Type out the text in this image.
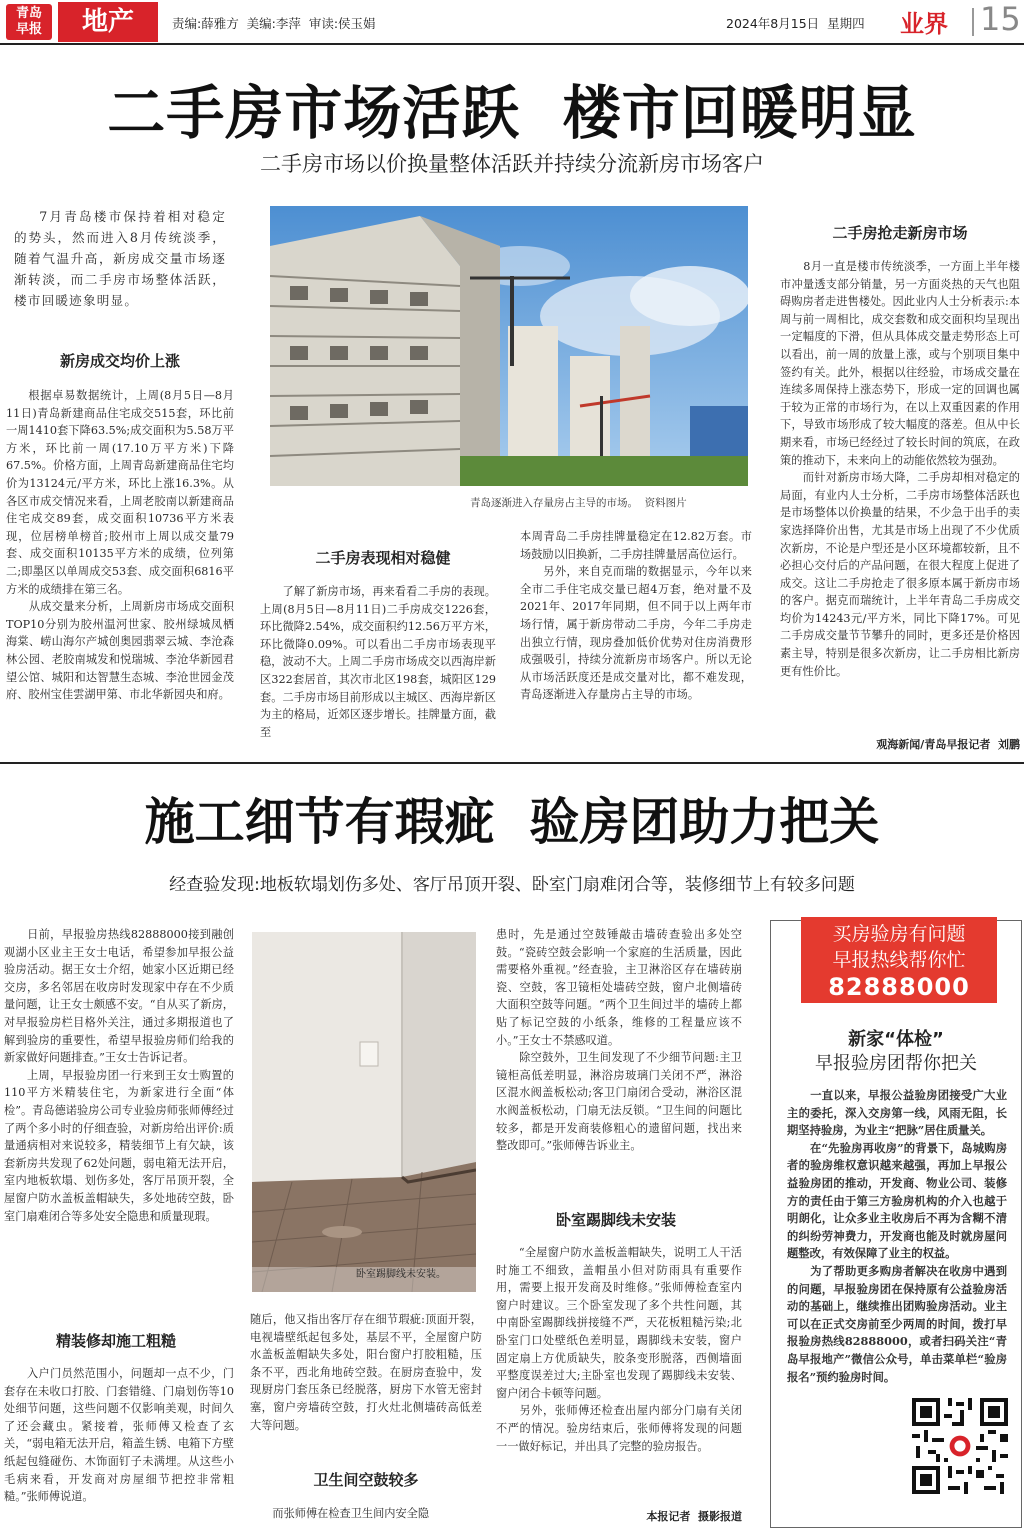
青岛
早报	地产	责编:薛雅方  美编:李萍  审读:侯玉娟	2024年8月15日  星期四 业界 15
二手房市场活跃  楼市回暖明显
二手房市场以价换量整体活跃并持续分流新房市场客户
7月青岛楼市保持着相对稳定的势头，然而进入8月传统淡季，随着气温升高，新房成交量市场逐渐转淡，而二手房市场整体活跃，楼市回暖迹象明显。
新房成交均价上涨
根据卓易数据统计，上周(8月5日—8月11日)青岛新建商品住宅成交515套，环比前一周1410套下降63.5%;成交面积为5.58万平方米，环比前一周(17.10万平方米)下降67.5%。价格方面，上周青岛新建商品住宅均价为13124元/平方米，环比上涨16.3%。从各区市成交情况来看，上周老胶南以新建商品住宅成交89套，成交面积10736平方米表现，位居榜单榜首;胶州市上周以成交量79套、成交面积10135平方米的成绩，位列第二;即墨区以单周成交53套、成交面积6816平方米的成绩排在第三名。
　　从成交量来分析，上周新房市场成交面积TOP10分别为胶州温河世家、胶州绿城凤栖海棠、崂山海尔产城创奥园翡翠云城、李沧森林公园、老胶南城发和悦瑞城、李沧华新园君望公馆、城阳和达智慧生态城、李沧世园金茂府、胶州宝佳雲湖甲第、市北华新园央和府。
青岛逐渐进入存量房占主导的市场。  资料图片
二手房表现相对稳健
　　了解了新房市场，再来看看二手房的表现。上周(8月5日—8月11日)二手房成交1226套，环比微降2.54%，成交面积约12.56万平方米，环比微降0.09%。可以看出二手房市场表现平稳，波动不大。上周二手房市场成交以西海岸新区322套居首，其次市北区198套，城阳区129套。二手房市场目前形成以主城区、西海岸新区为主的格局，近郊区逐步增长。挂牌量方面，截至
本周青岛二手房挂牌量稳定在12.82万套。市场鼓励以旧换新，二手房挂牌量居高位运行。
　　另外，来自克而瑞的数据显示，今年以来全市二手住宅成交量已超4万套，绝对量不及2021年、2017年同期，但不同于以上两年市场行情，属于新房带动二手房，今年二手房走出独立行情，现房叠加低价优势对住房消费形成强吸引，持续分流新房市场客户。所以无论从市场活跃度还是成交量对比，都不难发现，青岛逐渐进入存量房占主导的市场。
二手房抢走新房市场
　　8月一直是楼市传统淡季，一方面上半年楼市冲量透支部分销量，另一方面炎热的天气也阻碍购房者走进售楼处。因此业内人士分析表示:本周与前一周相比，成交套数和成交面积均呈现出一定幅度的下滑，但从具体成交量走势形态上可以看出，前一周的放量上涨，或与个别项目集中签约有关。此外，根据以往经验，市场成交量在连续多周保持上涨态势下，形成一定的回调也属于较为正常的市场行为，在以上双重因素的作用下，导致市场形成了较大幅度的落差。但从中长期来看，市场已经经过了较长时间的筑底，在政策的推动下，未来向上的动能依然较为强劲。
　　而针对新房市场大降，二手房却相对稳定的局面，有业内人士分析，二手房市场整体活跃也是市场整体以价换量的结果，不少急于出手的卖家选择降价出售，尤其是市场上出现了不少优质次新房，不论是户型还是小区环境都较新，且不必担心交付后的产品问题，在很大程度上促进了成交。这让二手房抢走了很多原本属于新房市场的客户。据克而瑞统计，上半年青岛二手房成交均价为14243元/平方米，同比下降17%。可见二手房成交量节节攀升的同时，更多还是价格因素主导，特别是很多次新房，让二手房相比新房更有性价比。
观海新闻/青岛早报记者  刘鹏
施工细节有瑕疵  验房团助力把关
经查验发现:地板软塌划伤多处、客厅吊顶开裂、卧室门扇难闭合等，装修细节上有较多问题
　　日前，早报验房热线82888000接到融创观湖小区业主王女士电话，希望参加早报公益验房活动。据王女士介绍，她家小区近期已经交房，多名邻居在收房时发现家中存在不少质量问题，让王女士颇感不安。“自从买了新房，对早报验房栏目格外关注，通过多期报道也了解到验房的重要性，希望早报验房师们给我的新家做好问题排查。”王女士告诉记者。
　　上周，早报验房团一行来到王女士购置的110平方米精装住宅，为新家进行全面“体检”。青岛德诺验房公司专业验房师张师傅经过了两个多小时的仔细查验，对新房给出评价:质量通病相对来说较多，精装细节上有欠缺，该套新房共发现了62处问题，弱电箱无法开启，室内地板软塌、划伤多处，客厅吊顶开裂，全屋窗户防水盖板盖帽缺失，多处地砖空鼓，卧室门扇难闭合等多处安全隐患和质量现瑕。
精装修却施工粗糙
　　入户门员然范围小，问题却一点不少，门套存在未收口打胶、门套错缝、门扇划伤等10处细节问题，这些问题不仅影响美观，时间久了还会藏虫。紧接着，张师傅又检查了玄关，“弱电箱无法开启，箱盖生锈、电箱下方壁纸起包缝碰伤、木饰面钉子未满埋。从这些小毛病来看，开发商对房屋细节把控非常粗糙。”张师傅说道。
卧室踢脚线未安装。
随后，他又指出客厅存在细节瑕疵:顶面开裂，电视墙壁纸起包多处，基层不平，全屋窗户防水盖板盖帽缺失多处，阳台窗户打胶粗糙，压条不平，西北角地砖空鼓。在厨房查验中，发现厨房门套压条已经脱落，厨房下水管无密封塞，窗户旁墙砖空鼓，打火灶北侧墙砖高低差大等问题。
卫生间空鼓较多
　　而张师傅在检查卫生间内安全隐
患时，先是通过空鼓锤敲击墙砖查验出多处空鼓。“瓷砖空鼓会影响一个家庭的生活质量，因此需要格外重视。”经查验，主卫淋浴区存在墙砖崩瓷、空鼓，客卫镜柜处墙砖空鼓，窗户北侧墙砖大面积空鼓等问题。“两个卫生间过半的墙砖上都贴了标记空鼓的小纸条，维修的工程量应该不小。”王女士不禁感叹道。
　　除空鼓外，卫生间发现了不少细节问题:主卫镜柜高低差明显，淋浴房玻璃门关闭不严，淋浴区混水阀盖板松动;客卫门扇闭合受动，淋浴区混水阀盖板松动，门扇无法反锁。“卫生间的问题比较多，都是开发商装修粗心的遗留问题，找出来整改即可。”张师傅告诉业主。
卧室踢脚线未安装
　　“全屋窗户防水盖板盖帽缺失，说明工人干活时施工不细致，盖帽虽小但对防雨具有重要作用，需要上报开发商及时维修。”张师傅检查室内窗户时建议。三个卧室发现了多个共性问题，其中南卧室踢脚线拼接缝不严，天花板粗糙污染;北卧室门口处壁纸色差明显，踢脚线未安装，窗户固定扇上方优质缺失，胶条变形脱落，西侧墙面平整度误差过大;主卧室也发现了踢脚线未安装、窗户闭合卡顿等问题。
　　另外，张师傅还检查出屋内部分门扇有关闭不严的情况。验房结束后，张师傅将发现的问题一一做好标记，并出具了完整的验房报告。
本报记者  摄影报道
买房验房有问题
早报热线帮你忙
82888000
新家“体检”
早报验房团帮你把关
　　一直以来，早报公益验房团接受广大业主的委托，深入交房第一线，风雨无阻，长期坚持验房，为业主“把脉”居住质量关。
　　在“先验房再收房”的背景下，岛城购房者的验房维权意识越来越强，再加上早报公益验房团的推动，开发商、物业公司、装修方的责任由于第三方验房机构的介入也越于明朗化，让众多业主收房后不再为含糊不清的纠纷劳神费力，开发商也能及时就房屋问题整改，有效保障了业主的权益。
　　为了帮助更多购房者解决在收房中遇到的问题，早报验房团在保持原有公益验房活动的基础上，继续推出团购验房活动。业主可以在正式交房前至少两周的时间，拨打早报验房热线82888000，或者扫码关注“青岛早报地产”微信公众号，单击菜单栏“验房报名”预约验房时间。
